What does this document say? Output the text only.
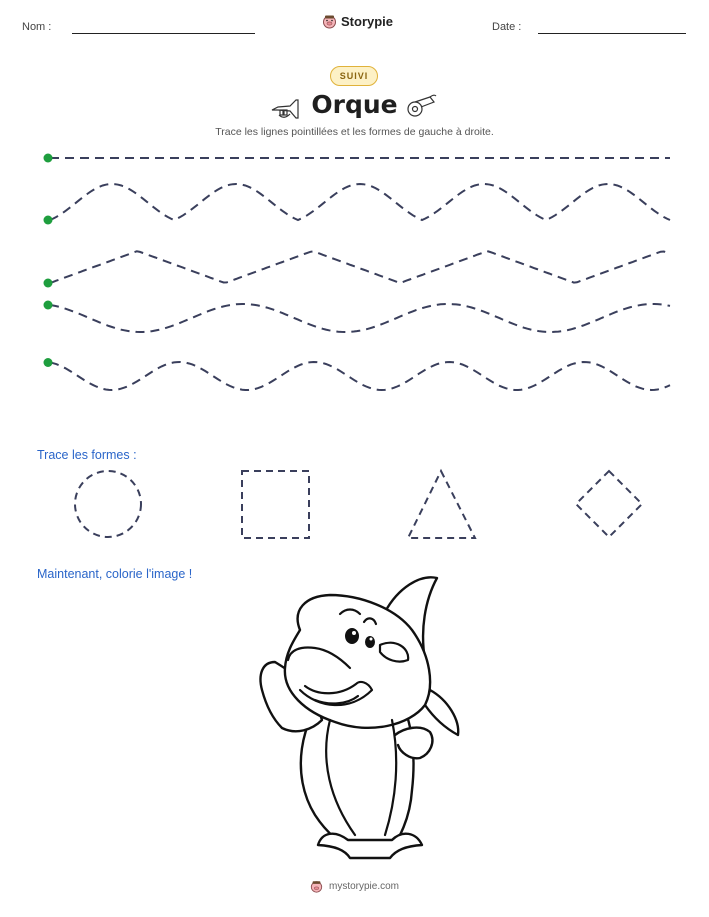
Nom :	Storypie	Date :
SUIVI
Orque
Trace les lignes pointillées et les formes de gauche à droite.
Trace les formes :
Maintenant, colorie l'image !
mystorypie.com
